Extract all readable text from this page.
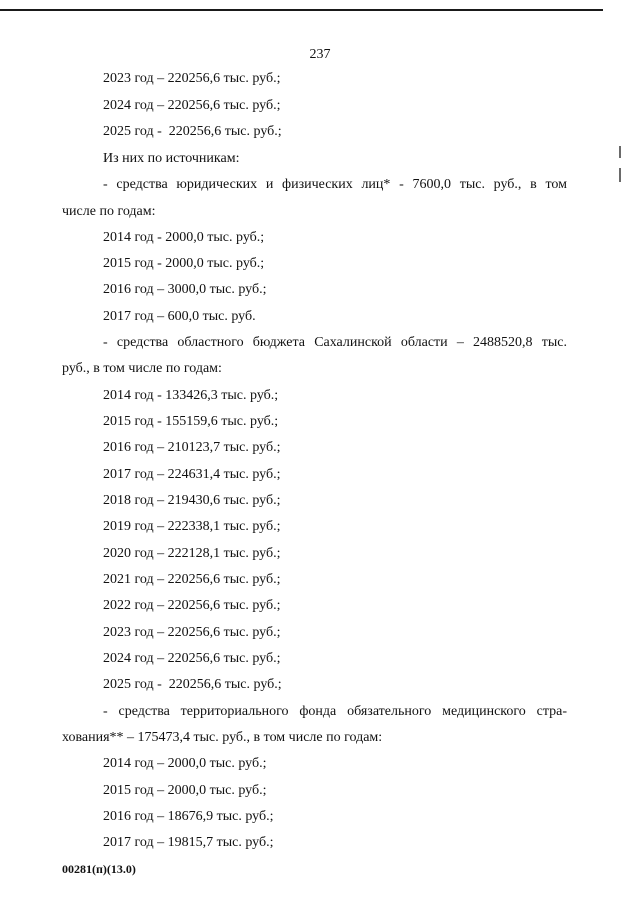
237
2023 год – 220256,6 тыс. руб.;
2024 год – 220256,6 тыс. руб.;
2025 год -  220256,6 тыс. руб.;
Из них по источникам:
- средства юридических и физических лиц* - 7600,0 тыс. руб., в том
числе по годам:
2014 год - 2000,0 тыс. руб.;
2015 год - 2000,0 тыс. руб.;
2016 год – 3000,0 тыс. руб.;
2017 год – 600,0 тыс. руб.
- средства областного бюджета Сахалинской области – 2488520,8 тыс.
руб., в том числе по годам:
2014 год - 133426,3 тыс. руб.;
2015 год - 155159,6 тыс. руб.;
2016 год – 210123,7 тыс. руб.;
2017 год – 224631,4 тыс. руб.;
2018 год – 219430,6 тыс. руб.;
2019 год – 222338,1 тыс. руб.;
2020 год – 222128,1 тыс. руб.;
2021 год – 220256,6 тыс. руб.;
2022 год – 220256,6 тыс. руб.;
2023 год – 220256,6 тыс. руб.;
2024 год – 220256,6 тыс. руб.;
2025 год -  220256,6 тыс. руб.;
- средства территориального фонда обязательного медицинского стра-
хования** – 175473,4 тыс. руб., в том числе по годам:
2014 год – 2000,0 тыс. руб.;
2015 год – 2000,0 тыс. руб.;
2016 год – 18676,9 тыс. руб.;
2017 год – 19815,7 тыс. руб.;
00281(п)(13.0)
